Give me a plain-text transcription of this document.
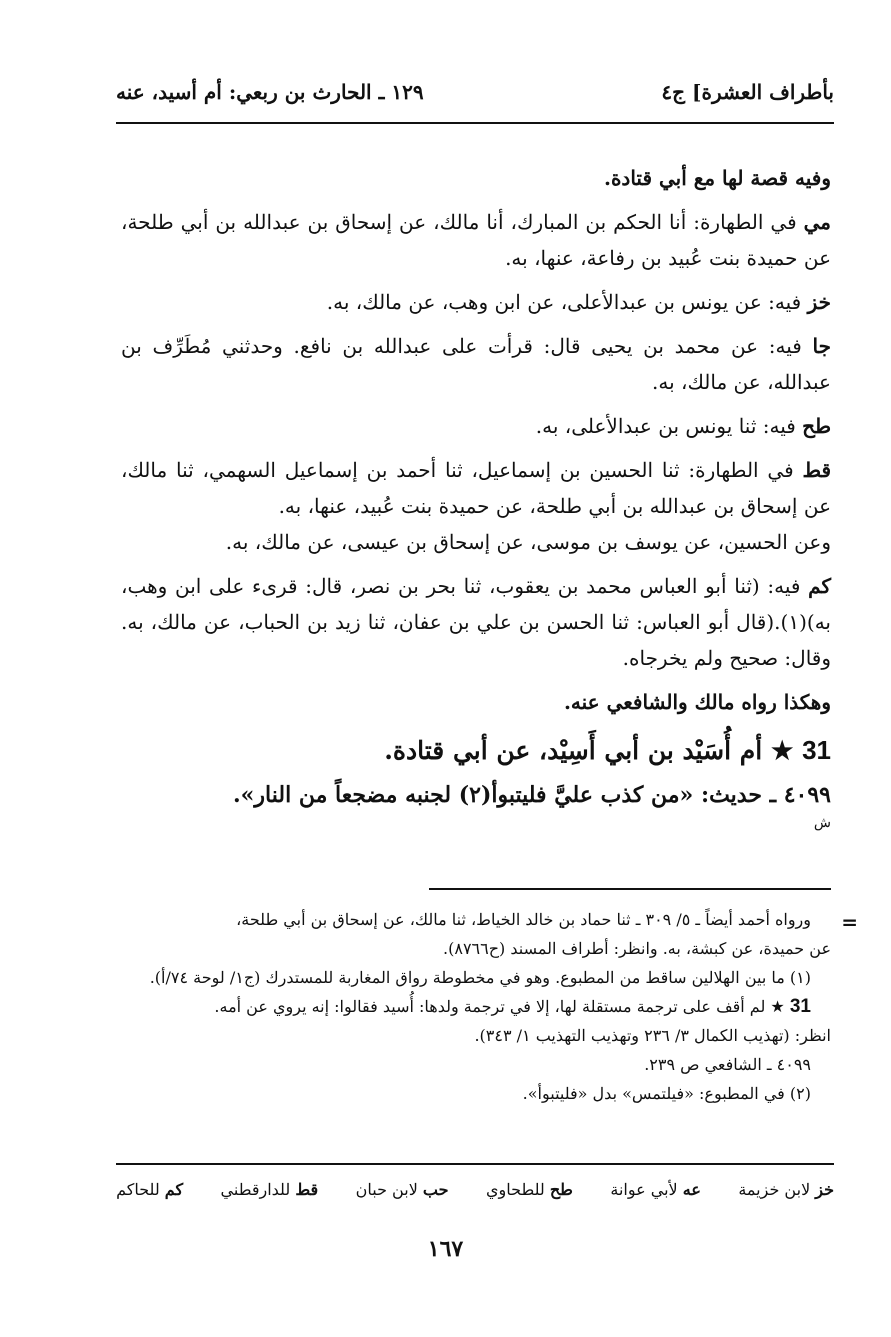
بأطراف العشرة] ج٤
١٢٩ ـ الحارث بن ربعي: أم أسيد، عنه

وفيه قصة لها مع أبي قتادة.

مي في الطهارة: أنا الحكم بن المبارك، أنا مالك، عن إسحاق بن عبدالله بن أبي طلحة، عن حميدة بنت عُبيد بن رفاعة، عنها، به.

خز فيه: عن يونس بن عبدالأعلى، عن ابن وهب، عن مالك، به.

جا فيه: عن محمد بن يحيى قال: قرأت على عبدالله بن نافع. وحدثني مُطَرِّف بن عبدالله، عن مالك، به.

طح فيه: ثنا يونس بن عبدالأعلى، به.

قط في الطهارة: ثنا الحسين بن إسماعيل، ثنا أحمد بن إسماعيل السهمي، ثنا مالك، عن إسحاق بن عبدالله بن أبي طلحة، عن حميدة بنت عُبيد، عنها، به.

وعن الحسين، عن يوسف بن موسى، عن إسحاق بن عيسى، عن مالك، به.

كم فيه: (ثنا أبو العباس محمد بن يعقوب، ثنا بحر بن نصر، قال: قرىء على ابن وهب، به)(١).(قال أبو العباس: ثنا الحسن بن علي بن عفان، ثنا زيد بن الحباب، عن مالك، به. وقال: صحيح ولم يخرجاه.

وهكذا رواه مالك والشافعي عنه.

31 ★ أم أُسَيْد بن أبي أَسِيْد، عن أبي قتادة.

٤٠٩٩ ـ حديث: «من كذب عليَّ فليتبوأ(٢) لجنبه مضجعاً من النار».

ش

=

ورواه أحمد أيضاً ـ ٥/ ٣٠٩ ـ ثنا حماد بن خالد الخياط، ثنا مالك، عن إسحاق بن أبي طلحة،

عن حميدة، عن كبشة، به. وانظر: أطراف المسند (ح٨٧٦٦).

(١) ما بين الهلالين ساقط من المطبوع. وهو في مخطوطة رواق المغاربة للمستدرك (ج١/ لوحة ٧٤/أ).

31 ★ لم أقف على ترجمة مستقلة لها، إلا في ترجمة ولدها: أُسيد فقالوا: إنه يروي عن أمه.

انظر: (تهذيب الكمال ٣/ ٢٣٦ وتهذيب التهذيب ١/ ٣٤٣).

٤٠٩٩ ـ الشافعي ص ٢٣٩.

(٢) في المطبوع: «فيلتمس» بدل «فليتبوأ».

خز لابن خزيمة
عه لأبي عوانة
طح للطحاوي
حب لابن حبان
قط للدارقطني
كم للحاكم
١٦٧
